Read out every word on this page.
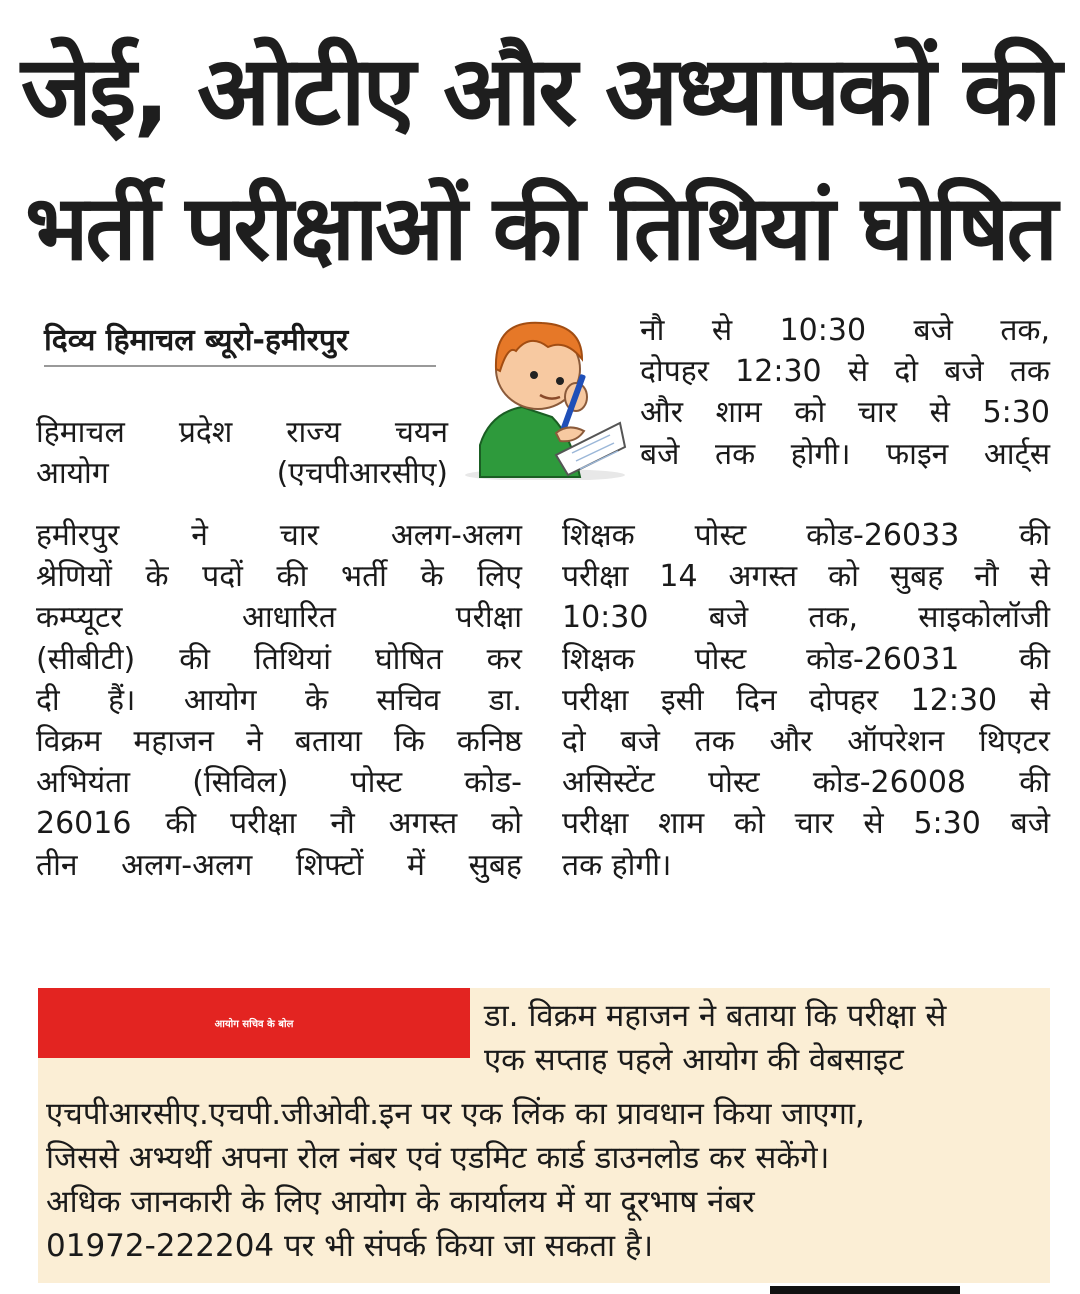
जेई, ओटीए और अध्यापकों की
भर्ती परीक्षाओं की तिथियां घोषित
दिव्य हिमाचल ब्यूरो-हमीरपुर
हिमाचल प्रदेश राज्य चयन
आयोग	(एचपीआरसीए)
हमीरपुर ने चार अलग-अलग
श्रेणियों के पदों की भर्ती के लिए
कम्प्यूटर	आधारित	परीक्षा
(सीबीटी) की तिथियां घोषित कर
दी हैं। आयोग के सचिव डा.
विक्रम महाजन ने बताया कि कनिष्ठ
अभियंता (सिविल) पोस्ट कोड-
26016 की परीक्षा नौ अगस्त को
तीन अलग-अलग शिफ्टों में सुबह
नौ से 10:30 बजे तक,
दोपहर 12:30 से दो बजे तक
और शाम को चार से 5:30
बजे तक होगी। फाइन आर्ट्स
शिक्षक पोस्ट कोड-26033 की
परीक्षा 14 अगस्त को सुबह नौ से
10:30 बजे तक, साइकोलॉजी
शिक्षक पोस्ट कोड-26031 की
परीक्षा इसी दिन दोपहर 12:30 से
दो बजे तक और ऑपरेशन थिएटर
असिस्टेंट पोस्ट कोड-26008 की
परीक्षा शाम को चार से 5:30 बजे
तक होगी।
आयोग सचिव के बोल	डा. विक्रम महाजन ने बताया कि परीक्षा से
एक सप्ताह पहले आयोग की वेबसाइट
एचपीआरसीए.एचपी.जीओवी.इन पर एक लिंक का प्रावधान किया जाएगा,
जिससे अभ्यर्थी अपना रोल नंबर एवं एडमिट कार्ड डाउनलोड कर सकेंगे।
अधिक जानकारी के लिए आयोग के कार्यालय में या दूरभाष नंबर
01972-222204 पर भी संपर्क किया जा सकता है।
